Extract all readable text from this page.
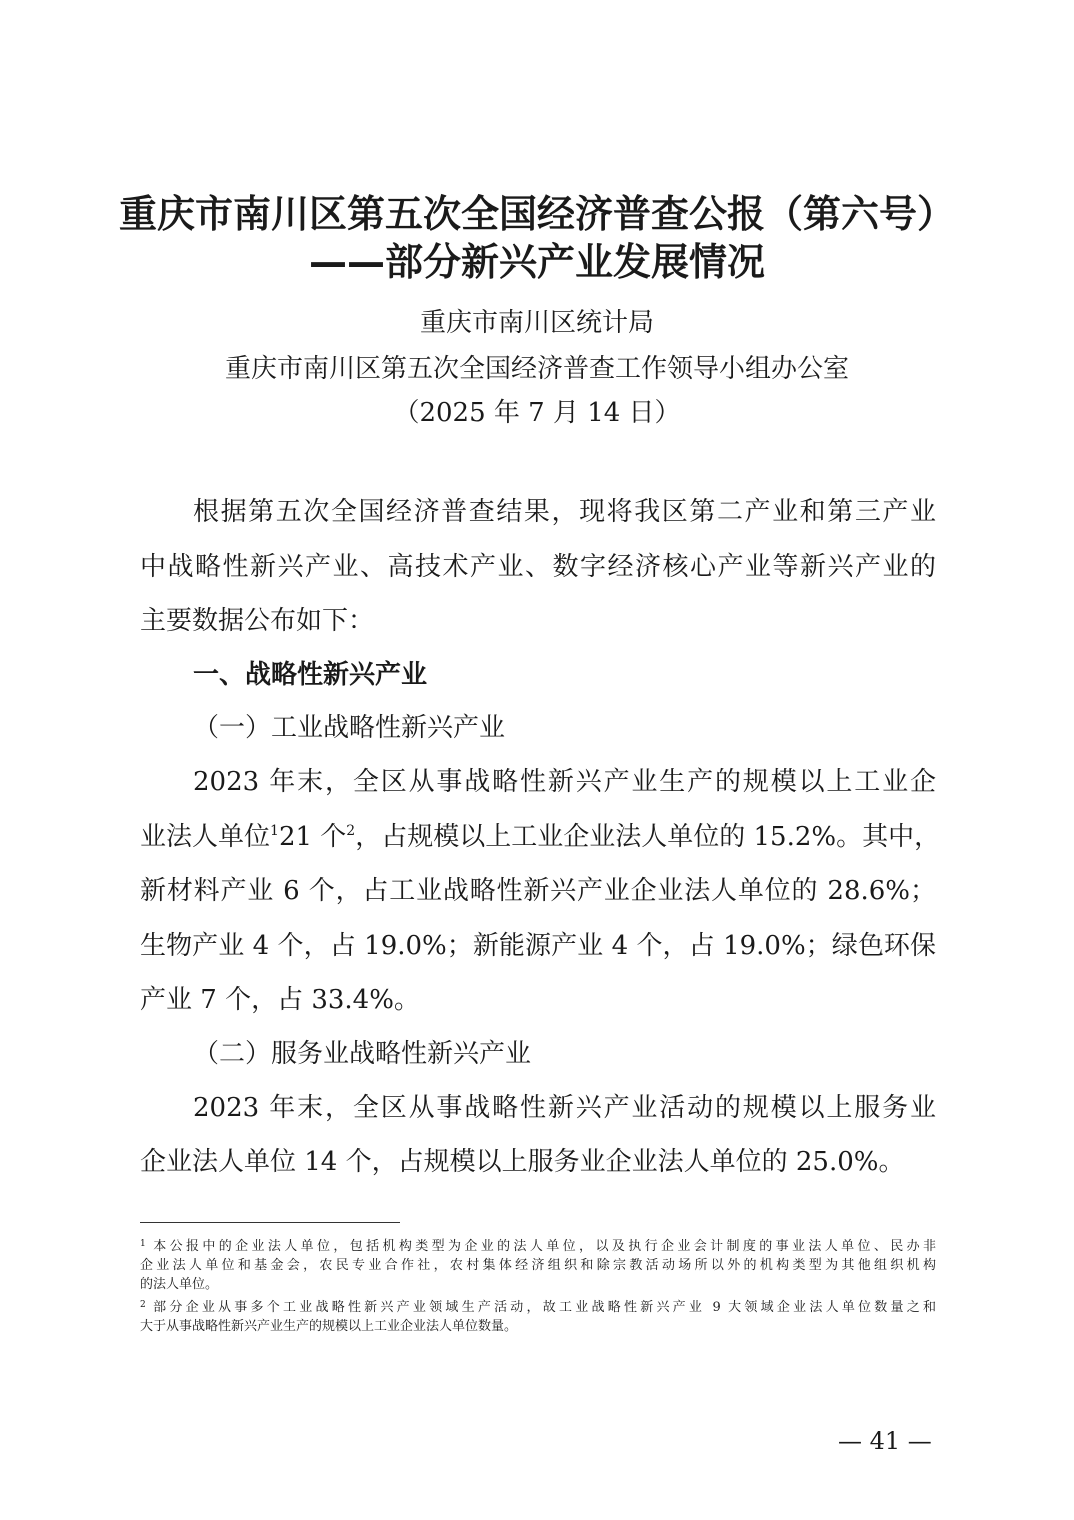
重庆市南川区第五次全国经济普查公报（第六号）
——部分新兴产业发展情况
重庆市南川区统计局
重庆市南川区第五次全国经济普查工作领导小组办公室
（2025 年 7 月 14 日）
根据第五次全国经济普查结果，现将我区第二产业和第三产业
中战略性新兴产业、高技术产业、数字经济核心产业等新兴产业的
主要数据公布如下：
一、战略性新兴产业
（一）工业战略性新兴产业
2023 年末，全区从事战略性新兴产业生产的规模以上工业企
业法人单位$^1$21 个$^2$，占规模以上工业企业法人单位的 15.2%。其中，
新材料产业 6 个，占工业战略性新兴产业企业法人单位的 28.6%；
生物产业 4 个，占 19.0%；新能源产业 4 个，占 19.0%；绿色环保
产业 7 个，占 33.4%。
（二）服务业战略性新兴产业
2023 年末，全区从事战略性新兴产业活动的规模以上服务业
企业法人单位 14 个，占规模以上服务业企业法人单位的 25.0%。
$^1$ 本公报中的企业法人单位，包括机构类型为企业的法人单位，以及执行企业会计制度的事业法人单位、民办非
企业法人单位和基金会，农民专业合作社，农村集体经济组织和除宗教活动场所以外的机构类型为其他组织机构
的法人单位。
$^2$ 部分企业从事多个工业战略性新兴产业领域生产活动，故工业战略性新兴产业 9 大领域企业法人单位数量之和
大于从事战略性新兴产业生产的规模以上工业企业法人单位数量。
— 41 —
